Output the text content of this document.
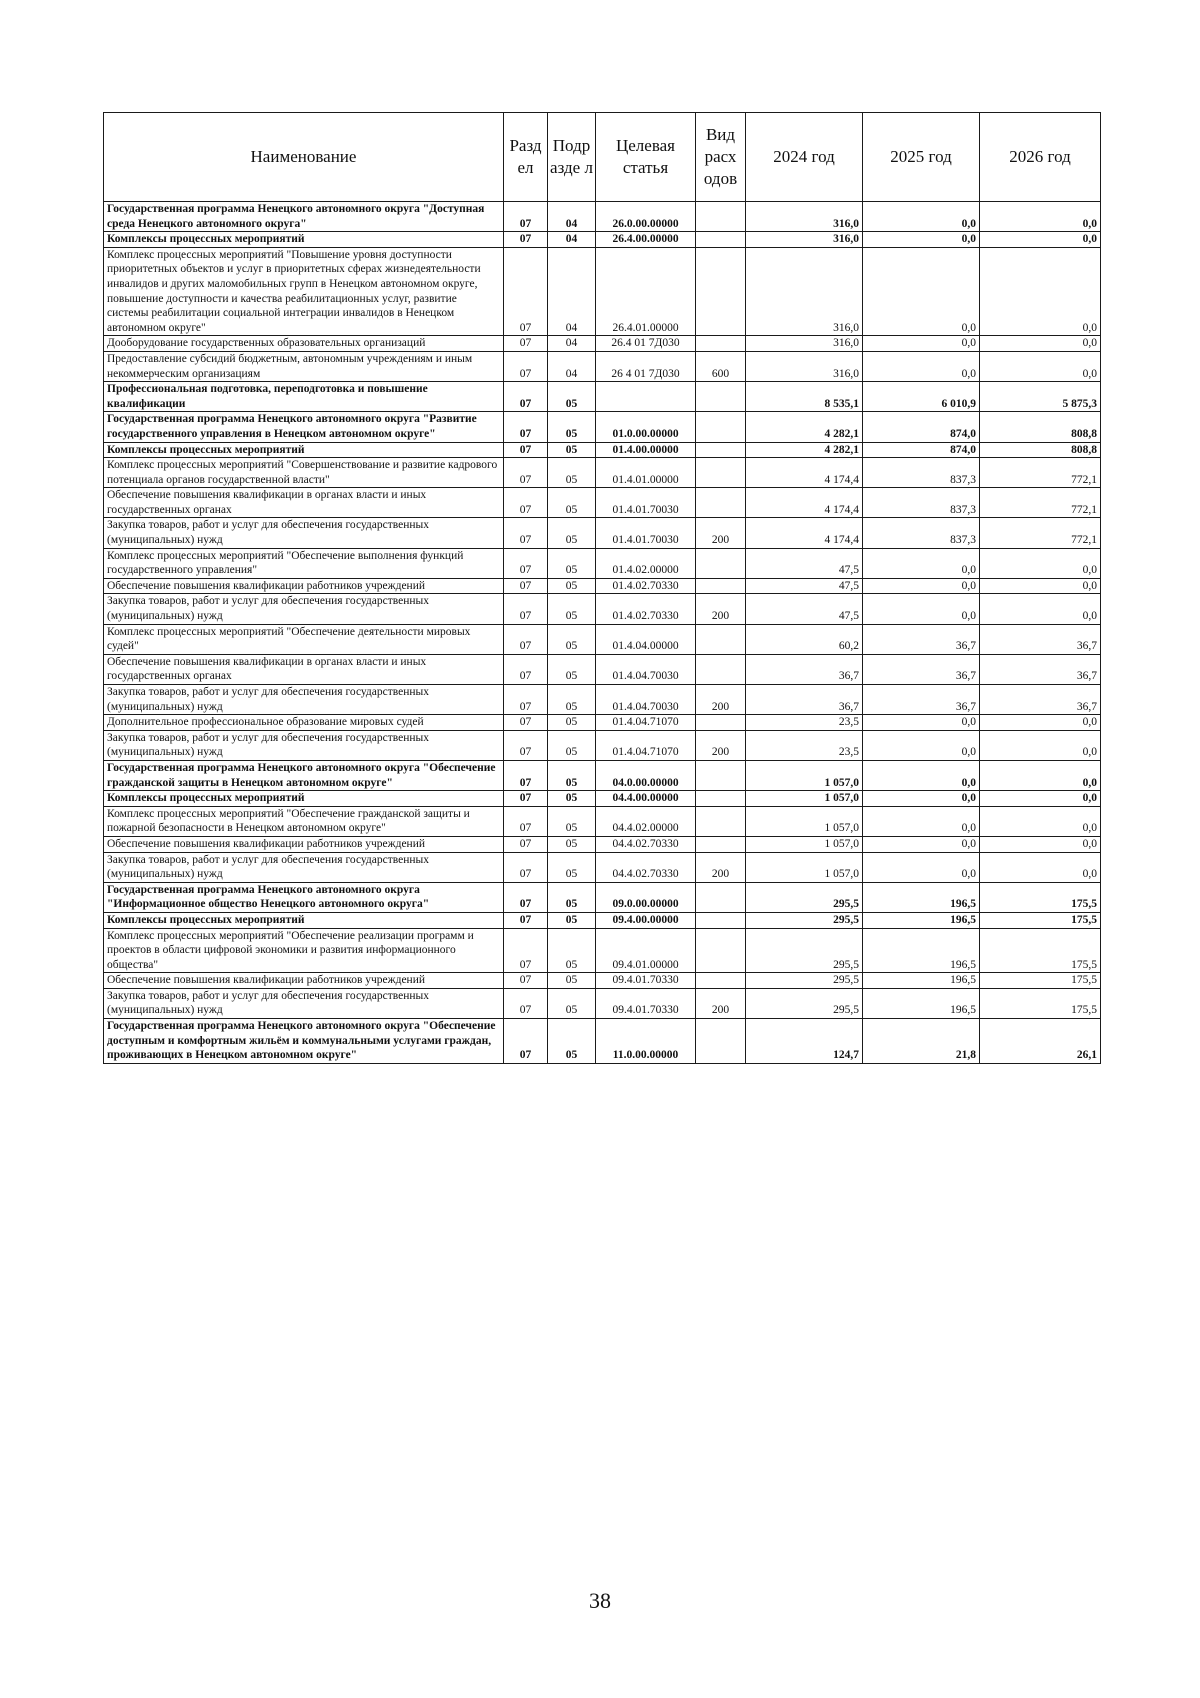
Наименование	Разд ел	Подр азде л	Целевая статья	Вид расх одов	2024 год	2025 год	2026 год
Государственная программа Ненецкого автономного округа "Доступная среда Ненецкого автономного округа"	07	04	26.0.00.00000		316,0	0,0	0,0
Комплексы процессных мероприятий	07	04	26.4.00.00000		316,0	0,0	0,0
Комплекс процессных мероприятий "Повышение уровня доступности приоритетных объектов и услуг в приоритетных сферах жизнедеятельности инвалидов и других маломобильных групп в Ненецком автономном округе, повышение доступности и качества реабилитационных услуг, развитие системы реабилитации социальной интеграции инвалидов в Ненецком автономном округе"	07	04	26.4.01.00000		316,0	0,0	0,0
Дооборудование государственных образовательных организаций	07	04	26.4 01 7Д030		316,0	0,0	0,0
Предоставление субсидий бюджетным, автономным учреждениям и иным некоммерческим организациям	07	04	26 4 01 7Д030	600	316,0	0,0	0,0
Профессиональная подготовка, переподготовка и повышение квалификации	07	05			8 535,1	6 010,9	5 875,3
Государственная программа Ненецкого автономного округа "Развитие государственного управления в Ненецком автономном округе"	07	05	01.0.00.00000		4 282,1	874,0	808,8
Комплексы процессных мероприятий	07	05	01.4.00.00000		4 282,1	874,0	808,8
Комплекс процессных мероприятий "Совершенствование и развитие кадрового потенциала органов государственной власти"	07	05	01.4.01.00000		4 174,4	837,3	772,1
Обеспечение повышения квалификации в органах власти и иных государственных органах	07	05	01.4.01.70030		4 174,4	837,3	772,1
Закупка товаров, работ и услуг для обеспечения государственных (муниципальных) нужд	07	05	01.4.01.70030	200	4 174,4	837,3	772,1
Комплекс процессных мероприятий "Обеспечение выполнения функций государственного управления"	07	05	01.4.02.00000		47,5	0,0	0,0
Обеспечение повышения квалификации работников учреждений	07	05	01.4.02.70330		47,5	0,0	0,0
Закупка товаров, работ и услуг для обеспечения государственных (муниципальных) нужд	07	05	01.4.02.70330	200	47,5	0,0	0,0
Комплекс процессных мероприятий "Обеспечение деятельности мировых судей"	07	05	01.4.04.00000		60,2	36,7	36,7
Обеспечение повышения квалификации в органах власти и иных государственных органах	07	05	01.4.04.70030		36,7	36,7	36,7
Закупка товаров, работ и услуг для обеспечения государственных (муниципальных) нужд	07	05	01.4.04.70030	200	36,7	36,7	36,7
Дополнительное профессиональное образование мировых судей	07	05	01.4.04.71070		23,5	0,0	0,0
Закупка товаров, работ и услуг для обеспечения государственных (муниципальных) нужд	07	05	01.4.04.71070	200	23,5	0,0	0,0
Государственная программа Ненецкого автономного округа "Обеспечение гражданской защиты в Ненецком автономном округе"	07	05	04.0.00.00000		1 057,0	0,0	0,0
Комплексы процессных мероприятий	07	05	04.4.00.00000		1 057,0	0,0	0,0
Комплекс процессных мероприятий "Обеспечение гражданской защиты и пожарной безопасности в Ненецком автономном округе"	07	05	04.4.02.00000		1 057,0	0,0	0,0
Обеспечение повышения квалификации работников учреждений	07	05	04.4.02.70330		1 057,0	0,0	0,0
Закупка товаров, работ и услуг для обеспечения государственных (муниципальных) нужд	07	05	04.4.02.70330	200	1 057,0	0,0	0,0
Государственная программа Ненецкого автономного округа "Информационное общество Ненецкого автономного округа"	07	05	09.0.00.00000		295,5	196,5	175,5
Комплексы процессных мероприятий	07	05	09.4.00.00000		295,5	196,5	175,5
Комплекс процессных мероприятий "Обеспечение реализации программ и проектов в области цифровой экономики и развития информационного общества"	07	05	09.4.01.00000		295,5	196,5	175,5
Обеспечение повышения квалификации работников учреждений	07	05	09.4.01.70330		295,5	196,5	175,5
Закупка товаров, работ и услуг для обеспечения государственных (муниципальных) нужд	07	05	09.4.01.70330	200	295,5	196,5	175,5
Государственная программа Ненецкого автономного округа "Обеспечение доступным и комфортным жильём и коммунальными услугами граждан, проживающих в Ненецком автономном округе"	07	05	11.0.00.00000		124,7	21,8	26,1
38
